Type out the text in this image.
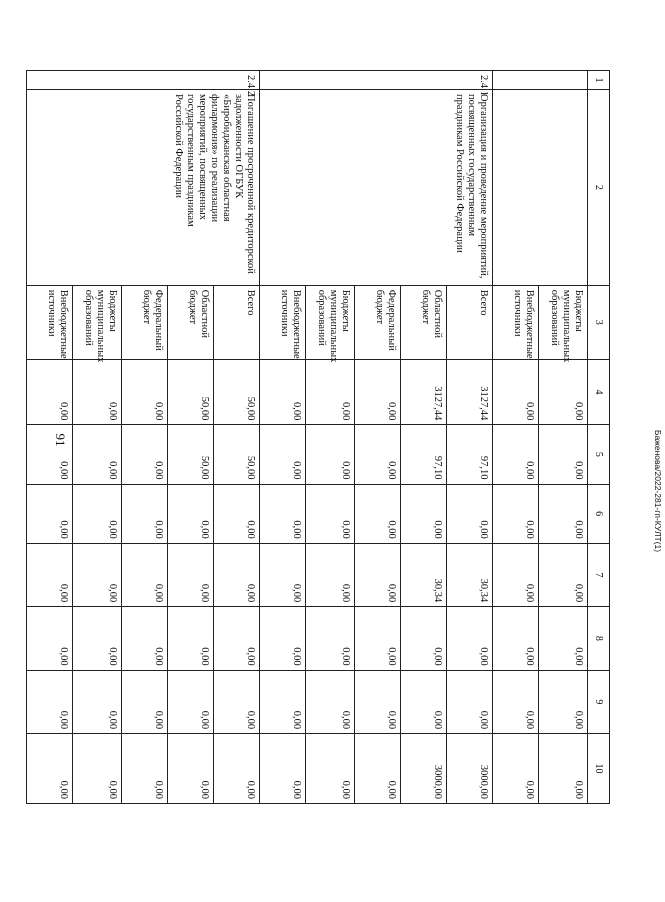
91	Баженова/2022-281-гп-КУЛТ(1)
1	2	3	4	5	6	7	8	9	10
		Бюджеты муниципальных образований	0,00	0,00	0,00	0,00	0,00	0,00	0,00
		Внебюджетные источники	0,00	0,00	0,00	0,00	0,00	0,00	0,00
2.4.1	Организация и проведение мероприятий, посвященных государственным праздникам Российской Федерации	Всего	3127,44	97,10	0,00	30,34	0,00	0,00	3000,00
		Областной бюджет	3127,44	97,10	0,00	30,34	0,00	0,00	3000,00
		Федеральный бюджет	0,00	0,00	0,00	0,00	0,00	0,00	0,00
		Бюджеты муниципальных образований	0,00	0,00	0,00	0,00	0,00	0,00	0,00
		Внебюджетные источники	0,00	0,00	0,00	0,00	0,00	0,00	0,00
2.4.2	Погашение просроченной кредиторской задолженности ОГБУК «Биробиджанская областная филармония» по реализации мероприятий, посвященных государственным праздникам Российской Федерации	Всего	50,00	50,00	0,00	0,00	0,00	0,00	0,00
		Областной бюджет	50,00	50,00	0,00	0,00	0,00	0,00	0,00
		Федеральный бюджет	0,00	0,00	0,00	0,00	0,00	0,00	0,00
		Бюджеты муниципальных образований	0,00	0,00	0,00	0,00	0,00	0,00	0,00
		Внебюджетные источники	0,00	0,00	0,00	0,00	0,00	0,00	0,00
